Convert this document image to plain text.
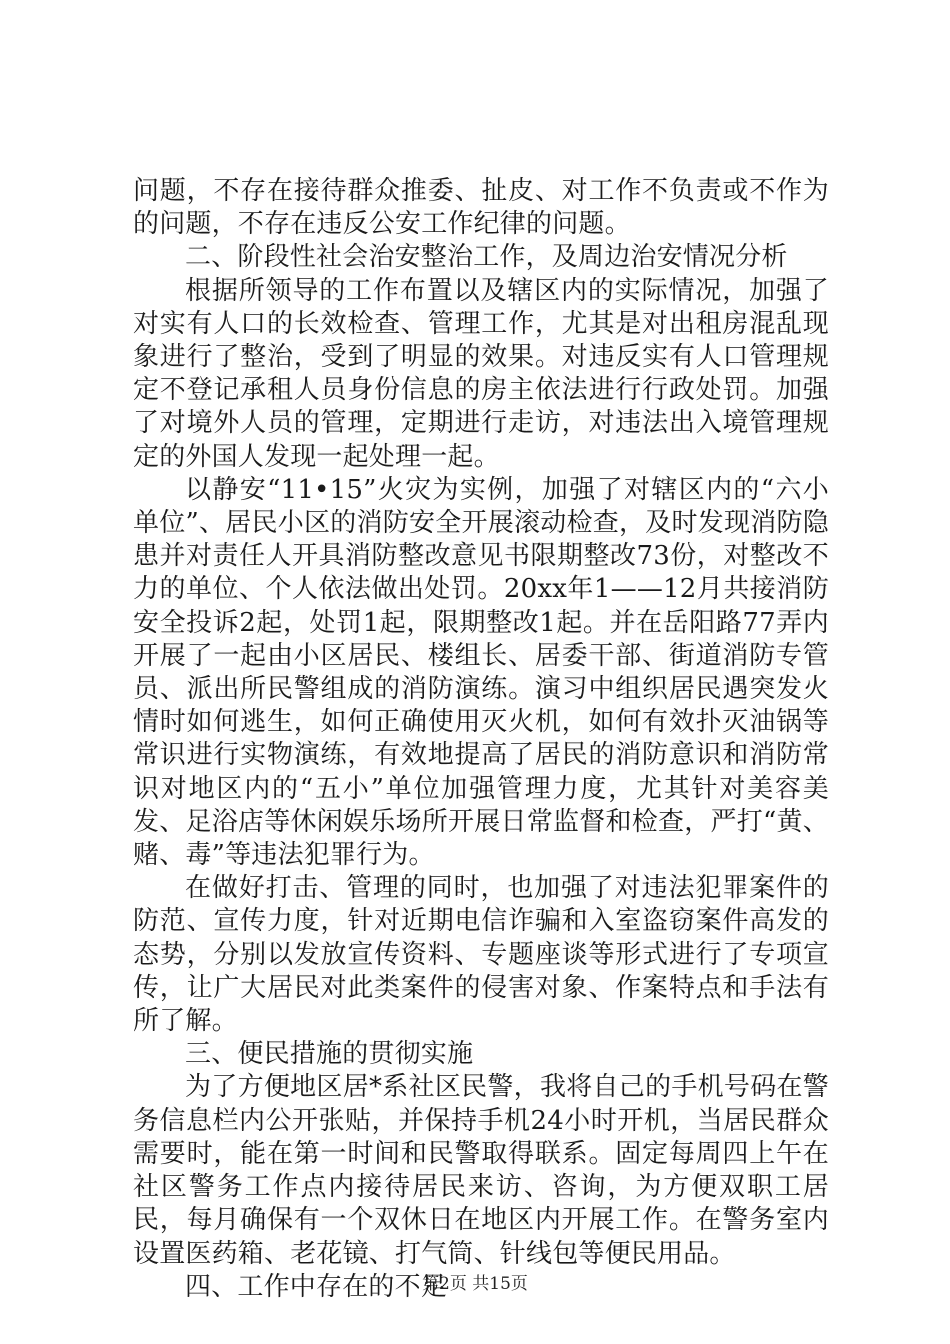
问题，不存在接待群众推委、扯皮、对工作不负责或不作为的问题，不存在违反公安工作纪律的问题。

二、阶段性社会治安整治工作，及周边治安情况分析

根据所领导的工作布置以及辖区内的实际情况，加强了对实有人口的长效检查、管理工作，尤其是对出租房混乱现象进行了整治，受到了明显的效果。对违反实有人口管理规定不登记承租人员身份信息的房主依法进行行政处罚。加强了对境外人员的管理，定期进行走访，对违法出入境管理规定的外国人发现一起处理一起。

以静安“11•15”火灾为实例，加强了对辖区内的“六小单位”、居民小区的消防安全开展滚动检查，及时发现消防隐患并对责任人开具消防整改意见书限期整改73份，对整改不力的单位、个人依法做出处罚。20xx年1——12月共接消防安全投诉2起，处罚1起，限期整改1起。并在岳阳路77弄内开展了一起由小区居民、楼组长、居委干部、街道消防专管员、派出所民警组成的消防演练。演习中组织居民遇突发火情时如何逃生，如何正确使用灭火机，如何有效扑灭油锅等常识进行实物演练，有效地提高了居民的消防意识和消防常识对地区内的“五小”单位加强管理力度，尤其针对美容美发、足浴店等休闲娱乐场所开展日常监督和检查，严打“黄、赌、毒”等违法犯罪行为。

在做好打击、管理的同时，也加强了对违法犯罪案件的防范、宣传力度，针对近期电信诈骗和入室盗窃案件高发的态势，分别以发放宣传资料、专题座谈等形式进行了专项宣传，让广大居民对此类案件的侵害对象、作案特点和手法有所了解。

三、便民措施的贯彻实施

为了方便地区居*系社区民警，我将自己的手机号码在警务信息栏内公开张贴，并保持手机24小时开机，当居民群众需要时，能在第一时间和民警取得联系。固定每周四上午在社区警务工作点内接待居民来访、咨询，为方便双职工居民，每月确保有一个双休日在地区内开展工作。在警务室内设置医药箱、老花镜、打气筒、针线包等便民用品。

四、工作中存在的不足

第2页 共15页
